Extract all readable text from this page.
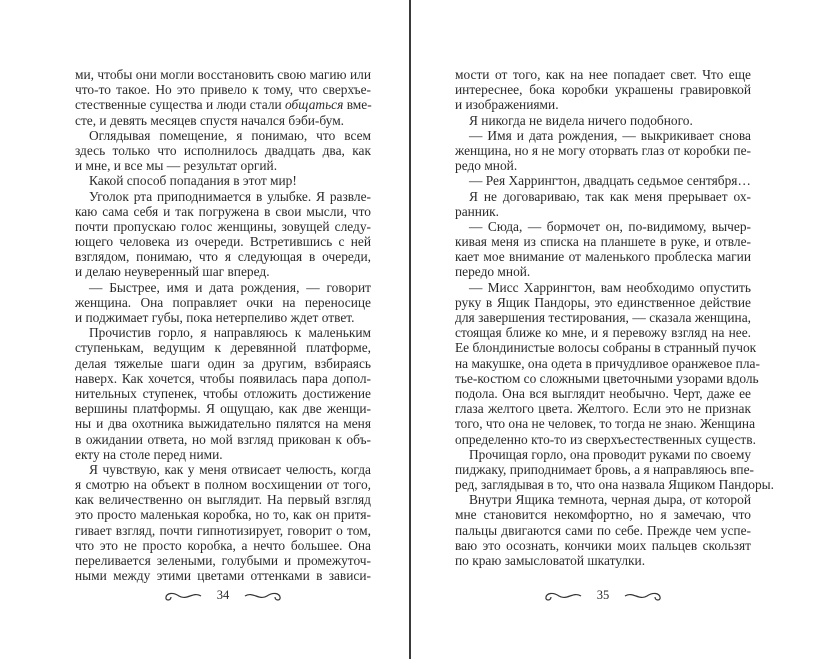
ми, чтобы они могли восстановить свою магию или
что-то такое. Но это привело к тому, что сверхъе-
стественные существа и люди стали общаться вме-
сте, и девять месяцев спустя начался бэби-бум.
Оглядывая помещение, я понимаю, что всем
здесь только что исполнилось двадцать два, как
и мне, и все мы — результат оргий.
Какой способ попадания в этот мир!
Уголок рта приподнимается в улыбке. Я развле-
каю сама себя и так погружена в свои мысли, что
почти пропускаю голос женщины, зовущей следу-
ющего человека из очереди. Встретившись с ней
взглядом, понимаю, что я следующая в очереди,
и делаю неуверенный шаг вперед.
— Быстрее, имя и дата рождения, — говорит
женщина. Она поправляет очки на переносице
и поджимает губы, пока нетерпеливо ждет ответ.
Прочистив горло, я направляюсь к маленьким
ступенькам, ведущим к деревянной платформе,
делая тяжелые шаги один за другим, взбираясь
наверх. Как хочется, чтобы появилась пара допол-
нительных ступенек, чтобы отложить достижение
вершины платформы. Я ощущаю, как две женщи-
ны и два охотника выжидательно пялятся на меня
в ожидании ответа, но мой взгляд прикован к объ-
екту на столе перед ними.
Я чувствую, как у меня отвисает челюсть, когда
я смотрю на объект в полном восхищении от того,
как величественно он выглядит. На первый взгляд
это просто маленькая коробка, но то, как он притя-
гивает взгляд, почти гипнотизирует, говорит о том,
что это не просто коробка, а нечто большее. Она
переливается зелеными, голубыми и промежуточ-
ными между этими цветами оттенками в зависи-
мости от того, как на нее попадает свет. Что еще
интереснее, бока коробки украшены гравировкой
и изображениями.
Я никогда не видела ничего подобного.
— Имя и дата рождения, — выкрикивает снова
женщина, но я не могу оторвать глаз от коробки пе-
редо мной.
— Рея Харрингтон, двадцать седьмое сентября…
Я не договариваю, так как меня прерывает ох-
ранник.
— Сюда, — бормочет он, по-видимому, вычер-
кивая меня из списка на планшете в руке, и отвле-
кает мое внимание от маленького проблеска магии
передо мной.
— Мисс Харрингтон, вам необходимо опустить
руку в Ящик Пандоры, это единственное действие
для завершения тестирования, — сказала женщина,
стоящая ближе ко мне, и я перевожу взгляд на нее.
Ее блондинистые волосы собраны в странный пучок
на макушке, она одета в причудливое оранжевое пла-
тье-костюм со сложными цветочными узорами вдоль
подола. Она вся выглядит необычно. Черт, даже ее
глаза желтого цвета. Желтого. Если это не признак
того, что она не человек, то тогда не знаю. Женщина
определенно кто-то из сверхъестественных существ.
Прочищая горло, она проводит руками по своему
пиджаку, приподнимает бровь, а я направляюсь впе-
ред, заглядывая в то, что она назвала Ящиком Пандоры.
Внутри Ящика темнота, черная дыра, от которой
мне становится некомфортно, но я замечаю, что
пальцы двигаются сами по себе. Прежде чем успе-
ваю это осознать, кончики моих пальцев скользят
по краю замысловатой шкатулки.
34	35
